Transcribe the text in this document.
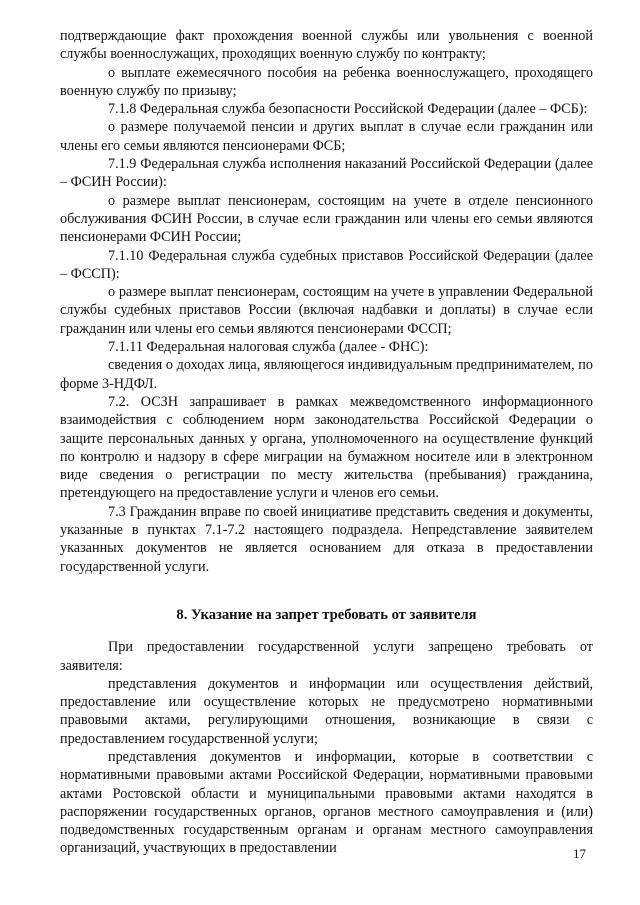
подтверждающие факт прохождения военной службы или увольнения с военной службы военнослужащих, проходящих военную службу по контракту;

о выплате ежемесячного пособия на ребенка военнослужащего, проходящего военную службу по призыву;

7.1.8 Федеральная служба безопасности Российской Федерации (далее – ФСБ):

о размере получаемой пенсии и других выплат в случае если гражданин или члены его семьи являются пенсионерами ФСБ;

7.1.9 Федеральная служба исполнения наказаний Российской Федерации (далее – ФСИН России):

о размере выплат пенсионерам, состоящим на учете в отделе пенсионного обслуживания ФСИН России, в случае если гражданин или члены его семьи являются пенсионерами ФСИН России;

7.1.10 Федеральная служба судебных приставов Российской Федерации (далее – ФССП):

о размере выплат пенсионерам, состоящим на учете в управлении Федеральной службы судебных приставов России (включая надбавки и доплаты) в случае если гражданин или члены его семьи являются пенсионерами ФССП;

7.1.11 Федеральная налоговая служба (далее - ФНС):

сведения о доходах лица, являющегося индивидуальным предпринимателем, по форме 3-НДФЛ.

7.2. ОСЗН запрашивает в рамках межведомственного информационного взаимодействия с соблюдением норм законодательства Российской Федерации о защите персональных данных у органа, уполномоченного на осуществление функций по контролю и надзору в сфере миграции на бумажном носителе или в электронном виде сведения о регистрации по месту жительства (пребывания) гражданина, претендующего на предоставление услуги и членов его семьи.

7.3 Гражданин вправе по своей инициативе представить сведения и документы, указанные в пунктах 7.1-7.2 настоящего подраздела. Непредставление заявителем указанных документов не является основанием для отказа в предоставлении государственной услуги.

8. Указание на запрет требовать от заявителя

При предоставлении государственной услуги запрещено требовать от заявителя:

представления документов и информации или осуществления действий, предоставление или осуществление которых не предусмотрено нормативными правовыми актами, регулирующими отношения, возникающие в связи с предоставлением государственной услуги;

представления документов и информации, которые в соответствии с нормативными правовыми актами Российской Федерации, нормативными правовыми актами Ростовской области и муниципальными правовыми актами находятся в распоряжении государственных органов, органов местного самоуправления и (или) подведомственных государственным органам и органам местного самоуправления организаций, участвующих в предоставлении	17
